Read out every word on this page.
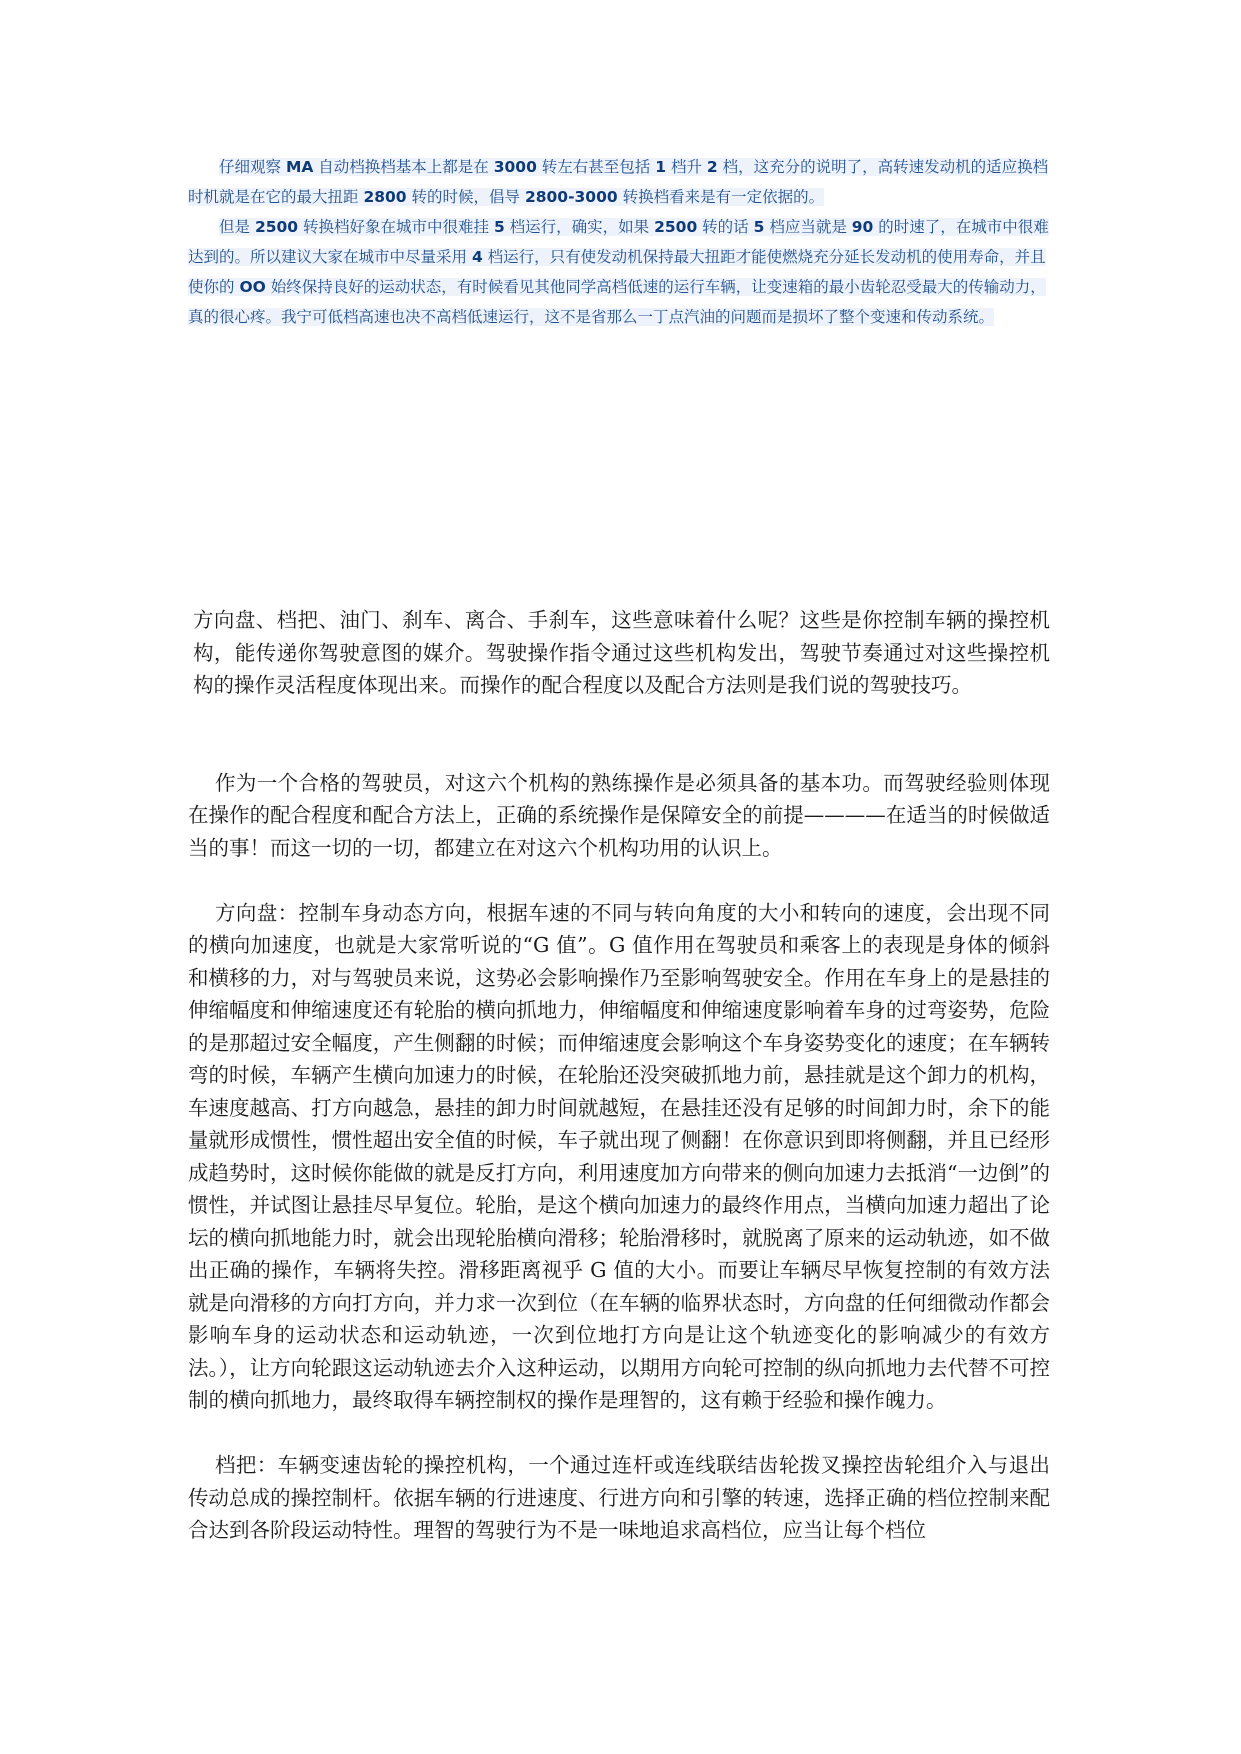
仔细观察 MA 自动档换档基本上都是在 3000 转左右甚至包括 1 档升 2 档，这充分的说明了，高转速发动机的适应换档时机就是在它的最大扭距 2800 转的时候，倡导 2800-3000 转换档看来是有一定依据的。

但是 2500 转换档好象在城市中很难挂 5 档运行，确实，如果 2500 转的话 5 档应当就是 90 的时速了，在城市中很难达到的。所以建议大家在城市中尽量采用 4 档运行，只有使发动机保持最大扭距才能使燃烧充分延长发动机的使用寿命，并且使你的 OO 始终保持良好的运动状态，有时候看见其他同学高档低速的运行车辆，让变速箱的最小齿轮忍受最大的传输动力，真的很心疼。我宁可低档高速也决不高档低速运行，这不是省那么一丁点汽油的问题而是损坏了整个变速和传动系统。

方向盘、档把、油门、刹车、离合、手刹车，这些意味着什么呢？这些是你控制车辆的操控机构，能传递你驾驶意图的媒介。驾驶操作指令通过这些机构发出，驾驶节奏通过对这些操控机构的操作灵活程度体现出来。而操作的配合程度以及配合方法则是我们说的驾驶技巧。

作为一个合格的驾驶员，对这六个机构的熟练操作是必须具备的基本功。而驾驶经验则体现在操作的配合程度和配合方法上，正确的系统操作是保障安全的前提————在适当的时候做适当的事！而这一切的一切，都建立在对这六个机构功用的认识上。

方向盘：控制车身动态方向，根据车速的不同与转向角度的大小和转向的速度，会出现不同的横向加速度，也就是大家常听说的“G 值”。G 值作用在驾驶员和乘客上的表现是身体的倾斜和横移的力，对与驾驶员来说，这势必会影响操作乃至影响驾驶安全。作用在车身上的是悬挂的伸缩幅度和伸缩速度还有轮胎的横向抓地力，伸缩幅度和伸缩速度影响着车身的过弯姿势，危险的是那超过安全幅度，产生侧翻的时候；而伸缩速度会影响这个车身姿势变化的速度；在车辆转弯的时候，车辆产生横向加速力的时候，在轮胎还没突破抓地力前，悬挂就是这个卸力的机构，车速度越高、打方向越急，悬挂的卸力时间就越短，在悬挂还没有足够的时间卸力时，余下的能量就形成惯性，惯性超出安全值的时候，车子就出现了侧翻！在你意识到即将侧翻，并且已经形成趋势时，这时候你能做的就是反打方向，利用速度加方向带来的侧向加速力去抵消“一边倒”的惯性，并试图让悬挂尽早复位。轮胎，是这个横向加速力的最终作用点，当横向加速力超出了论坛的横向抓地能力时，就会出现轮胎横向滑移；轮胎滑移时，就脱离了原来的运动轨迹，如不做出正确的操作，车辆将失控。滑移距离视乎 G 值的大小。而要让车辆尽早恢复控制的有效方法就是向滑移的方向打方向，并力求一次到位（在车辆的临界状态时，方向盘的任何细微动作都会影响车身的运动状态和运动轨迹，一次到位地打方向是让这个轨迹变化的影响减少的有效方法。），让方向轮跟这运动轨迹去介入这种运动，以期用方向轮可控制的纵向抓地力去代替不可控制的横向抓地力，最终取得车辆控制权的操作是理智的，这有赖于经验和操作魄力。

档把：车辆变速齿轮的操控机构，一个通过连杆或连线联结齿轮拨叉操控齿轮组介入与退出传动总成的操控制杆。依据车辆的行进速度、行进方向和引擎的转速，选择正确的档位控制来配合达到各阶段运动特性。理智的驾驶行为不是一味地追求高档位，应当让每个档位
